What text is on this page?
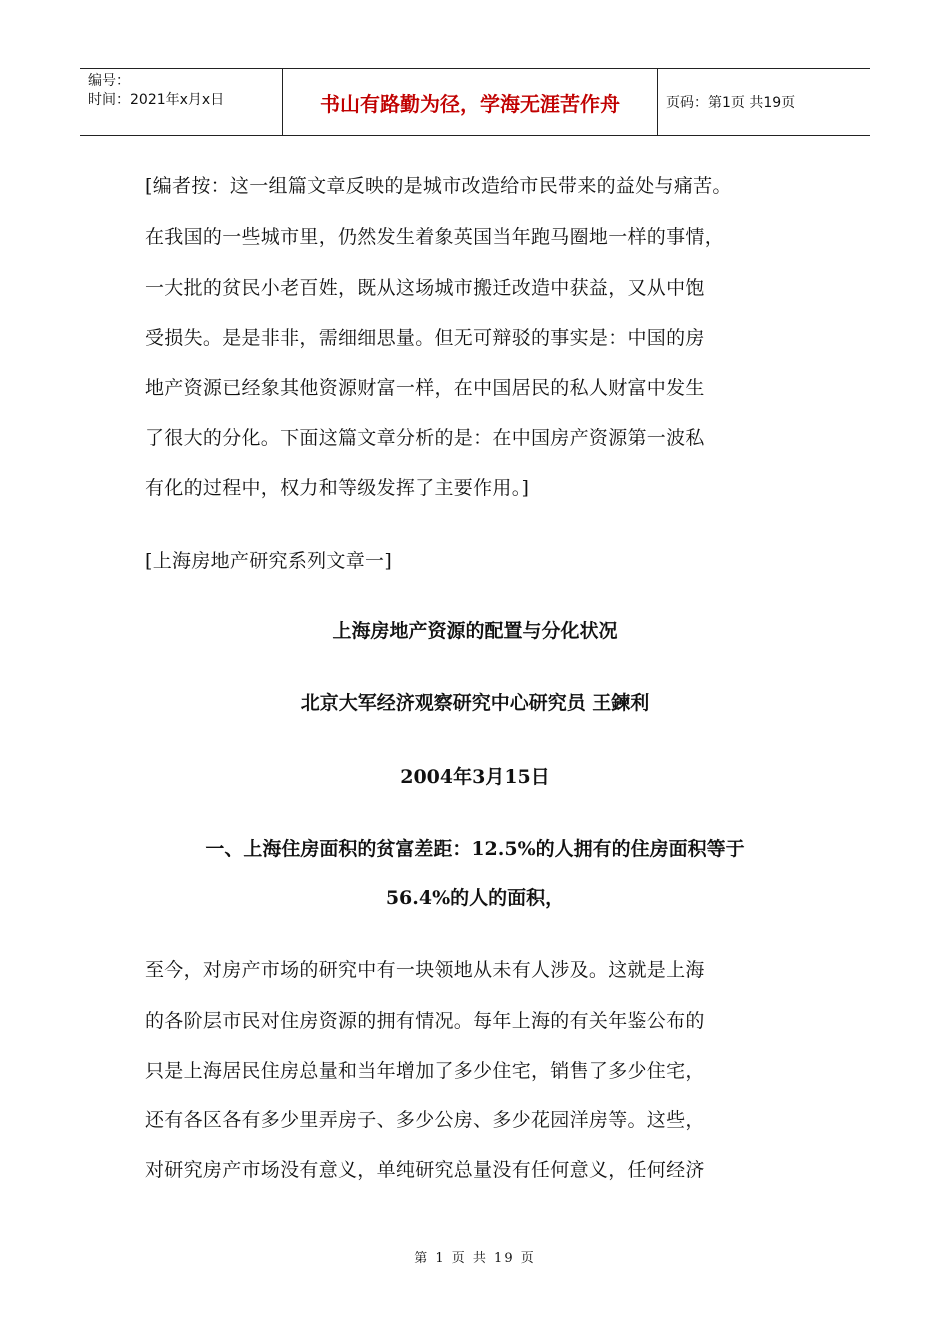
编号：
时间：2021年x月x日	书山有路勤为径，学海无涯苦作舟	页码：第1页 共19页
[编者按：这一组篇文章反映的是城市改造给市民带来的益处与痛苦。
在我国的一些城市里，仍然发生着象英国当年跑马圈地一样的事情，
一大批的贫民小老百姓，既从这场城市搬迁改造中获益，又从中饱
受损失。是是非非，需细细思量。但无可辩驳的事实是：中国的房
地产资源已经象其他资源财富一样，在中国居民的私人财富中发生
了很大的分化。下面这篇文章分析的是：在中国房产资源第一波私
有化的过程中，权力和等级发挥了主要作用。]
[上海房地产研究系列文章一]
上海房地产资源的配置与分化状况
北京大军经济观察研究中心研究员 王鍊利
2004年3月15日
一、上海住房面积的贫富差距：12.5%的人拥有的住房面积等于
56.4%的人的面积，
至今，对房产市场的研究中有一块领地从未有人涉及。这就是上海
的各阶层市民对住房资源的拥有情况。每年上海的有关年鉴公布的
只是上海居民住房总量和当年增加了多少住宅，销售了多少住宅，
还有各区各有多少里弄房子、多少公房、多少花园洋房等。这些，
对研究房产市场没有意义，单纯研究总量没有任何意义，任何经济
第 1 页 共 19 页
